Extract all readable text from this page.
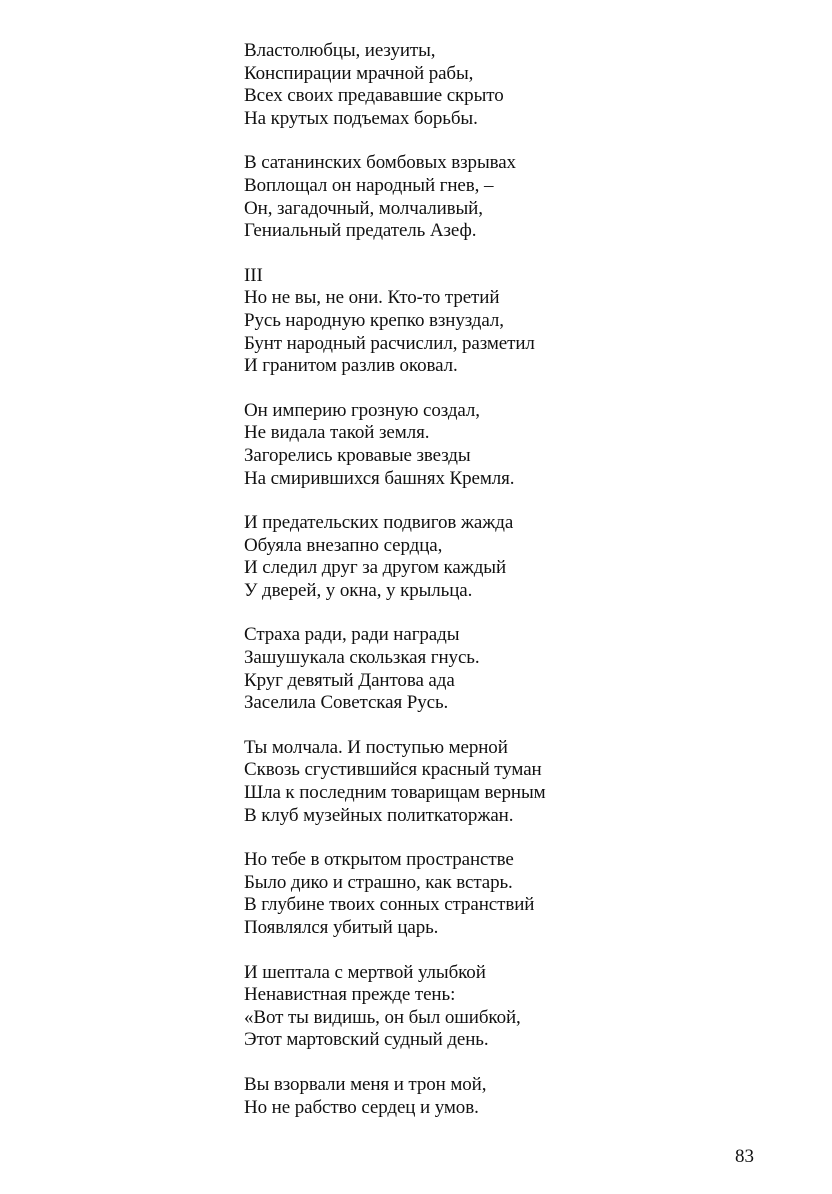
Властолюбцы, иезуиты,
Конспирации мрачной рабы,
Всех своих предававшие скрыто
На крутых подъемах борьбы.
В сатанинских бомбовых взрывах
Воплощал он народный гнев, –
Он, загадочный, молчаливый,
Гениальный предатель Азеф.
III
Но не вы, не они. Кто-то третий
Русь народную крепко взнуздал,
Бунт народный расчислил, разметил
И гранитом разлив оковал.
Он империю грозную создал,
Не видала такой земля.
Загорелись кровавые звезды
На смирившихся башнях Кремля.
И предательских подвигов жажда
Обуяла внезапно сердца,
И следил друг за другом каждый
У дверей, у окна, у крыльца.
Страха ради, ради награды
Зашушукала скользкая гнусь.
Круг девятый Дантова ада
Заселила Советская Русь.
Ты молчала. И поступью мерной
Сквозь сгустившийся красный туман
Шла к последним товарищам верным
В клуб музейных политкаторжан.
Но тебе в открытом пространстве
Было дико и страшно, как встарь.
В глубине твоих сонных странствий
Появлялся убитый царь.
И шептала с мертвой улыбкой
Ненавистная прежде тень:
«Вот ты видишь, он был ошибкой,
Этот мартовский судный день.
Вы взорвали меня и трон мой,
Но не рабство сердец и умов.
83
